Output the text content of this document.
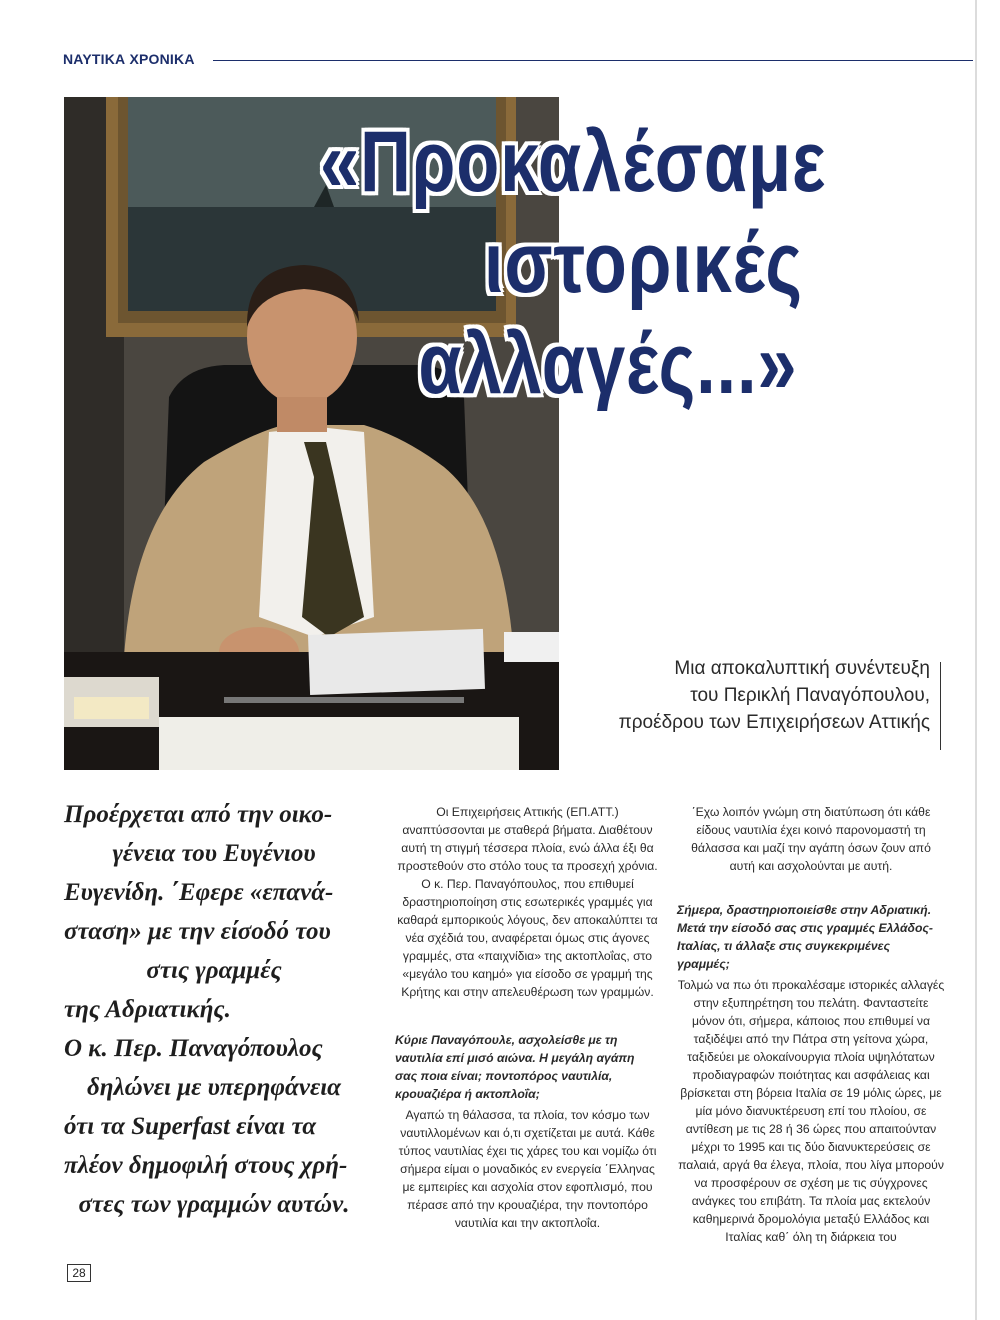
ΝΑΥΤΙΚΑ ΧΡΟΝΙΚΑ
«Προκαλέσαμε
ιστορικές
αλλαγές...»
Μια αποκαλυπτική συνέντευξη
του Περικλή Παναγόπουλου,
προέδρου των Επιχειρήσεων Αττικής
Προέρχεται από την οικο-
γένεια του Ευγένιου
Ευγενίδη. ΄Εφερε «επανά-
σταση» με την είσοδό του
στις γραμμές
της Αδριατικής.
Ο κ. Περ. Παναγόπουλος
δηλώνει με υπερηφάνεια
ότι τα Superfast είναι τα
πλέον δημοφιλή στους χρή-
στες των γραμμών αυτών.

Οι Επιχειρήσεις Αττικής (ΕΠ.ΑΤΤ.) αναπτύσσονται με σταθερά βήματα. Διαθέτουν αυτή τη στιγμή τέσσερα πλοία, ενώ άλλα έξι θα προστεθούν στο στόλο τους τα προσεχή χρόνια. Ο κ. Περ. Παναγόπουλος, που επιθυμεί δραστηριοποίηση στις εσωτερικές γραμμές για καθαρά εμπορικούς λόγους, δεν αποκαλύπτει τα νέα σχέδιά του, αναφέρεται όμως στις άγονες γραμμές, στα «παιχνίδια» της ακτοπλοΐας, στο «μεγάλο του καημό» για είσοδο σε γραμμή της Κρήτης και στην απελευθέρωση των γραμμών.

Κύριε Παναγόπουλε, ασχολείσθε με τη ναυτιλία επί μισό αιώνα. Η μεγάλη αγάπη σας ποια είναι; ποντοπόρος ναυτιλία, κρουαζιέρα ή ακτοπλοΐα;

Αγαπώ τη θάλασσα, τα πλοία, τον κόσμο των ναυτιλλομένων και ό,τι σχετίζεται με αυτά. Κάθε τύπος ναυτιλίας έχει τις χάρες του και νομίζω ότι σήμερα είμαι ο μοναδικός εν ενεργεία ΄Ελληνας με εμπειρίες και ασχολία στον εφοπλισμό, που πέρασε από την κρουαζιέρα, την ποντοπόρο ναυτιλία και την ακτοπλοΐα.

΄Εχω λοιπόν γνώμη στη διατύπωση ότι κάθε είδους ναυτιλία έχει κοινό παρονομαστή τη θάλασσα και μαζί την αγάπη όσων ζουν από αυτή και ασχολούνται με αυτή.

Σήμερα, δραστηριοποιείσθε στην Αδριατική. Μετά την είσοδό σας στις γραμμές Ελλάδος-Ιταλίας, τι άλλαξε στις συγκεκριμένες γραμμές;

Τολμώ να πω ότι προκαλέσαμε ιστορικές αλλαγές στην εξυπηρέτηση του πελάτη. Φανταστείτε μόνον ότι, σήμερα, κάποιος που επιθυμεί να ταξιδέψει από την Πάτρα στη γείτονα χώρα, ταξιδεύει με ολοκαίνουργια πλοία υψηλότατων προδιαγραφών ποιότητας και ασφάλειας και βρίσκεται στη βόρεια Ιταλία σε 19 μόλις ώρες, με μία μόνο διανυκτέρευση επί του πλοίου, σε αντίθεση με τις 28 ή 36 ώρες που απαιτούνταν μέχρι το 1995 και τις δύο διανυκτερεύσεις σε παλαιά, αργά θα έλεγα, πλοία, που λίγα μπορούν να προσφέρουν σε σχέση με τις σύγχρονες ανάγκες του επιβάτη. Τα πλοία μας εκτελούν καθημερινά δρομολόγια μεταξύ Ελλάδος και Ιταλίας καθ΄ όλη τη διάρκεια του

28
